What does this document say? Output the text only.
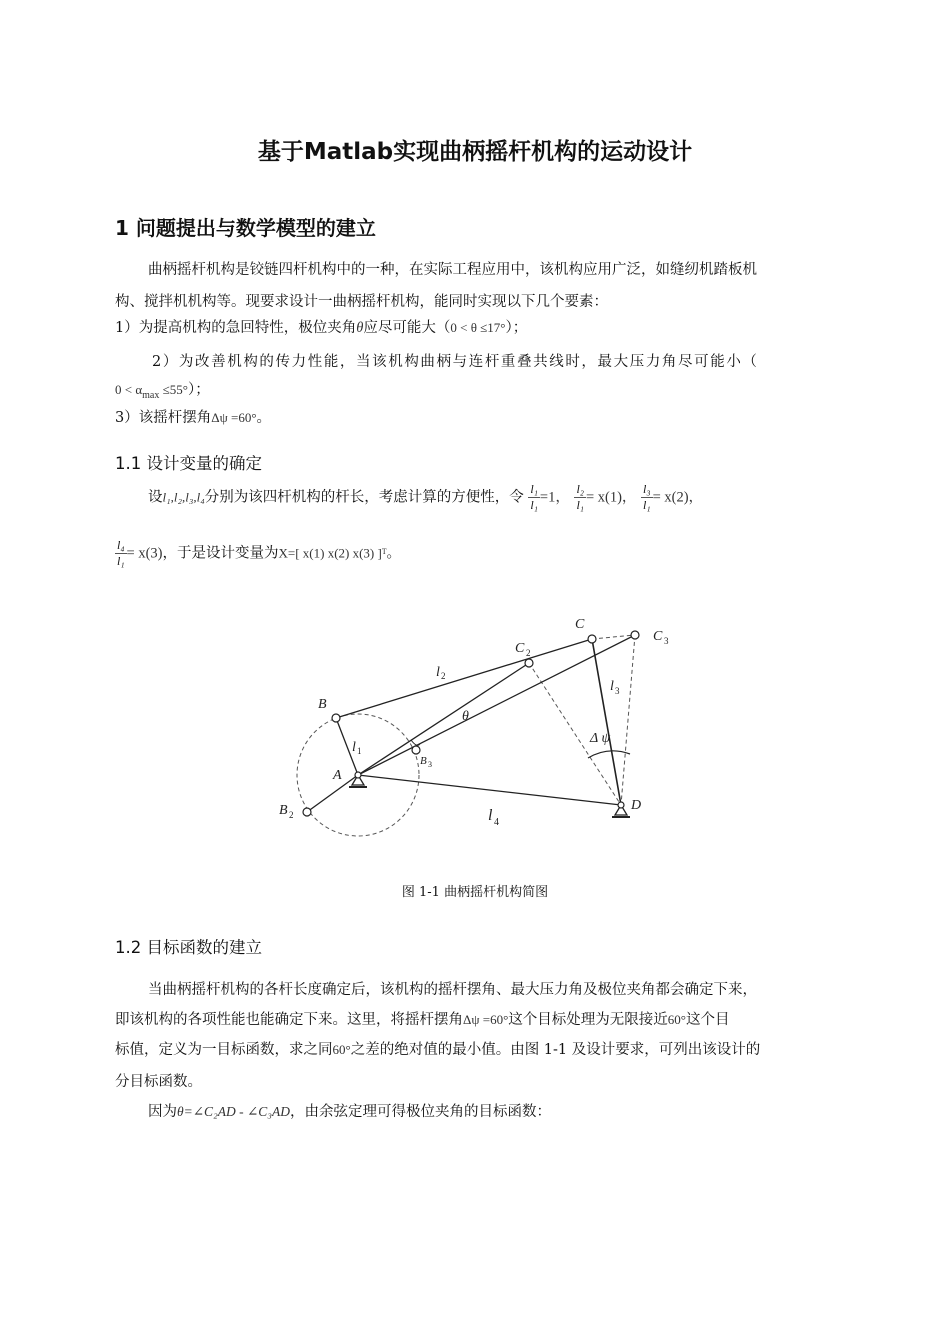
基于Matlab实现曲柄摇杆机构的运动设计
1 问题提出与数学模型的建立
曲柄摇杆机构是铰链四杆机构中的一种，在实际工程应用中，该机构应用广泛，如缝纫机踏板机
构、搅拌机机构等。现要求设计一曲柄摇杆机构，能同时实现以下几个要素：
1）为提高机构的急回特性，极位夹角θ应尽可能大（0 < θ ≤17°）；
2）为改善机构的传力性能，当该机构曲柄与连杆重叠共线时，最大压力角尽可能小（
$0 < \alpha_{max} \le 55^\circ$）；
3）该摇杆摆角Δψ =60°。
1.1 设计变量的确定
设l₁,l₂,l₃,l₄分别为该四杆机构的杆长，考虑计算的方便性，令 $\frac{\text{l₁}}{\text{l₁}} =1$， $\frac{\text{l₂}}{\text{l₁}} = x(1)$， $\frac{\text{l₃}}{\text{l₁}} = x(2)$，
$\frac{\text{l₄}}{\text{l₁}} = x(3)$，于是设计变量为X=[ x(1) x(2) x(3) ]ᵀ。
B
A
C
C 2
C 3
D
B 3
B 2
l 1
l 2
l 3
l 4
θ
Δ ψ
图 1-1 曲柄摇杆机构简图
1.2 目标函数的建立
当曲柄摇杆机构的各杆长度确定后，该机构的摇杆摆角、最大压力角及极位夹角都会确定下来，
即该机构的各项性能也能确定下来。这里，将摇杆摆角Δψ =60°这个目标处理为无限接近60°这个目
标值，定义为一目标函数，求之同60°之差的绝对值的最小值。由图 1-1 及设计要求，可列出该设计的
分目标函数。
因为θ=∠C₂AD - ∠C₃AD，由余弦定理可得极位夹角的目标函数：
